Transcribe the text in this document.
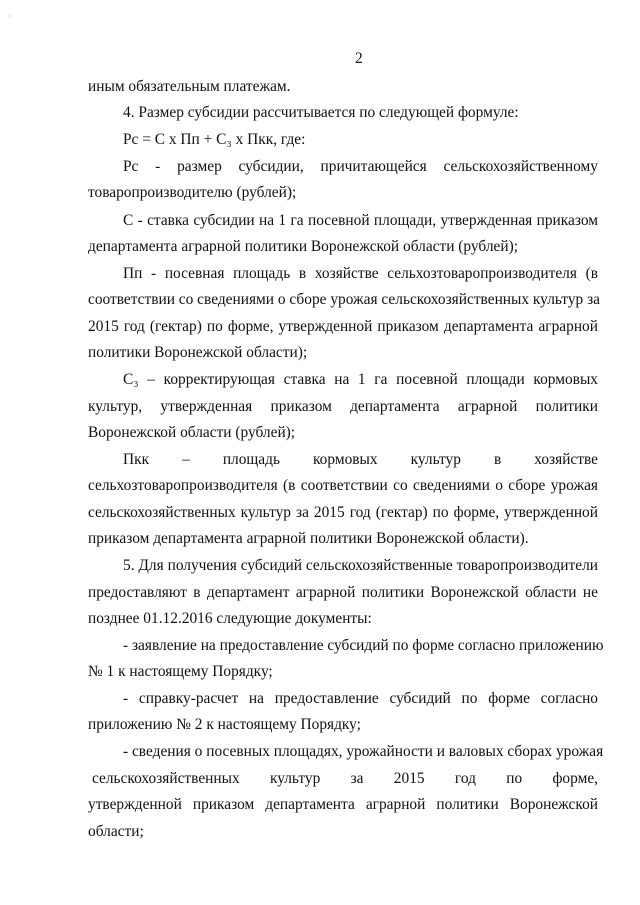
·
2
иным обязательным платежам.
4. Размер субсидии рассчитывается по следующей формуле:
Рс = С х Пп + С₃ х Пкк, где:
Рс - размер субсидии, причитающейся сельскохозяйственному
товаропроизводителю (рублей);
С - ставка субсидии на 1 га посевной площади, утвержденная приказом
департамента аграрной политики Воронежской области (рублей);
Пп - посевная площадь в хозяйстве сельхозтоваропроизводителя (в
соответствии со сведениями о сборе урожая сельскохозяйственных культур за
2015 год (гектар) по форме, утвержденной приказом департамента аграрной
политики Воронежской области);
С₃ – корректирующая ставка на 1 га посевной площади кормовых
культур, утвержденная приказом департамента аграрной политики
Воронежской области (рублей);
Пкк – площадь кормовых культур в хозяйстве
сельхозтоваропроизводителя (в соответствии со сведениями о сборе урожая
сельскохозяйственных культур за 2015 год (гектар) по форме, утвержденной
приказом департамента аграрной политики Воронежской области).
5. Для получения субсидий сельскохозяйственные товаропроизводители
предоставляют в департамент аграрной политики Воронежской области не
позднее 01.12.2016 следующие документы:
- заявление на предоставление субсидий по форме согласно приложению
№ 1 к настоящему Порядку;
- справку-расчет на предоставление субсидий по форме согласно
приложению № 2 к настоящему Порядку;
- сведения о посевных площадях, урожайности и валовых сборах урожая
сельскохозяйственных культур за 2015 год по форме,
утвержденной приказом департамента аграрной политики Воронежской
области;
